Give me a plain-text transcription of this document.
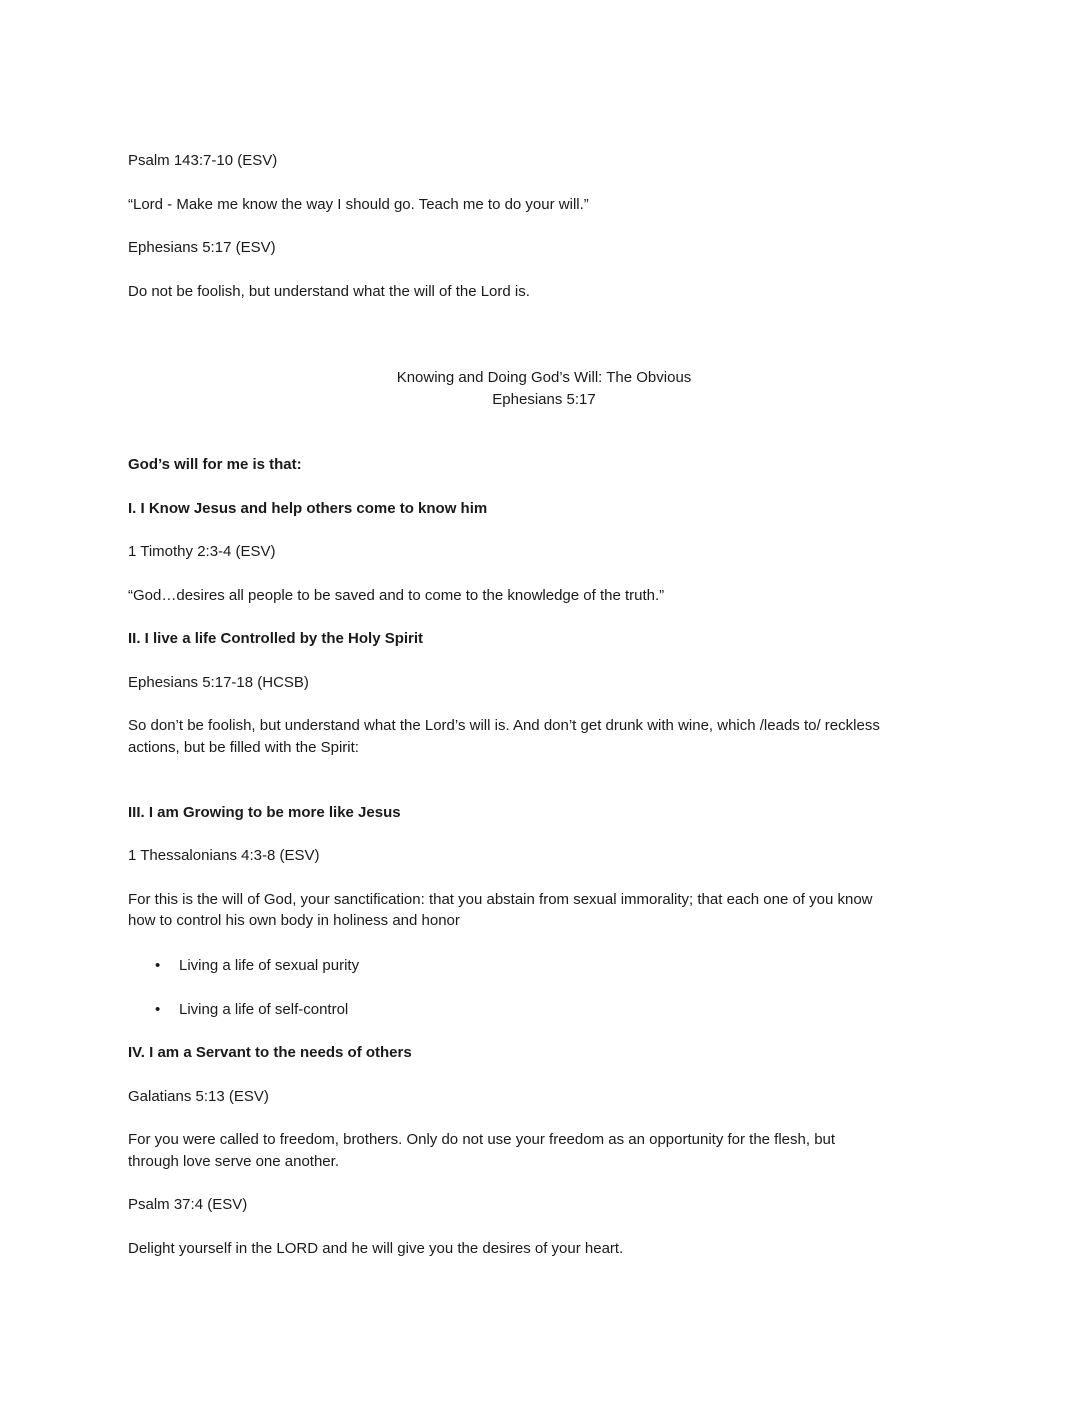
Psalm 143:7-10 (ESV)

“Lord - Make me know the way I should go. Teach me to do your will.”

Ephesians 5:17 (ESV)

Do not be foolish, but understand what the will of the Lord is.

Knowing and Doing God’s Will: The Obvious

Ephesians 5:17

God’s will for me is that:

I. I Know Jesus and help others come to know him

1 Timothy 2:3-4 (ESV)

“God…desires all people to be saved and to come to the knowledge of the truth.”

II. I live a life Controlled by the Holy Spirit

Ephesians 5:17-18 (HCSB)

So don’t be foolish, but understand what the Lord’s will is. And don’t get drunk with wine, which /leads to/ reckless

actions, but be filled with the Spirit:

III. I am Growing to be more like Jesus

1 Thessalonians 4:3-8 (ESV)

For this is the will of God, your sanctification: that you abstain from sexual immorality; that each one of you know

how to control his own body in holiness and honor

•	Living a life of sexual purity

•	Living a life of self-control

IV. I am a Servant to the needs of others

Galatians 5:13 (ESV)

For you were called to freedom, brothers. Only do not use your freedom as an opportunity for the flesh, but

through love serve one another.

Psalm 37:4 (ESV)

Delight yourself in the LORD and he will give you the desires of your heart.
